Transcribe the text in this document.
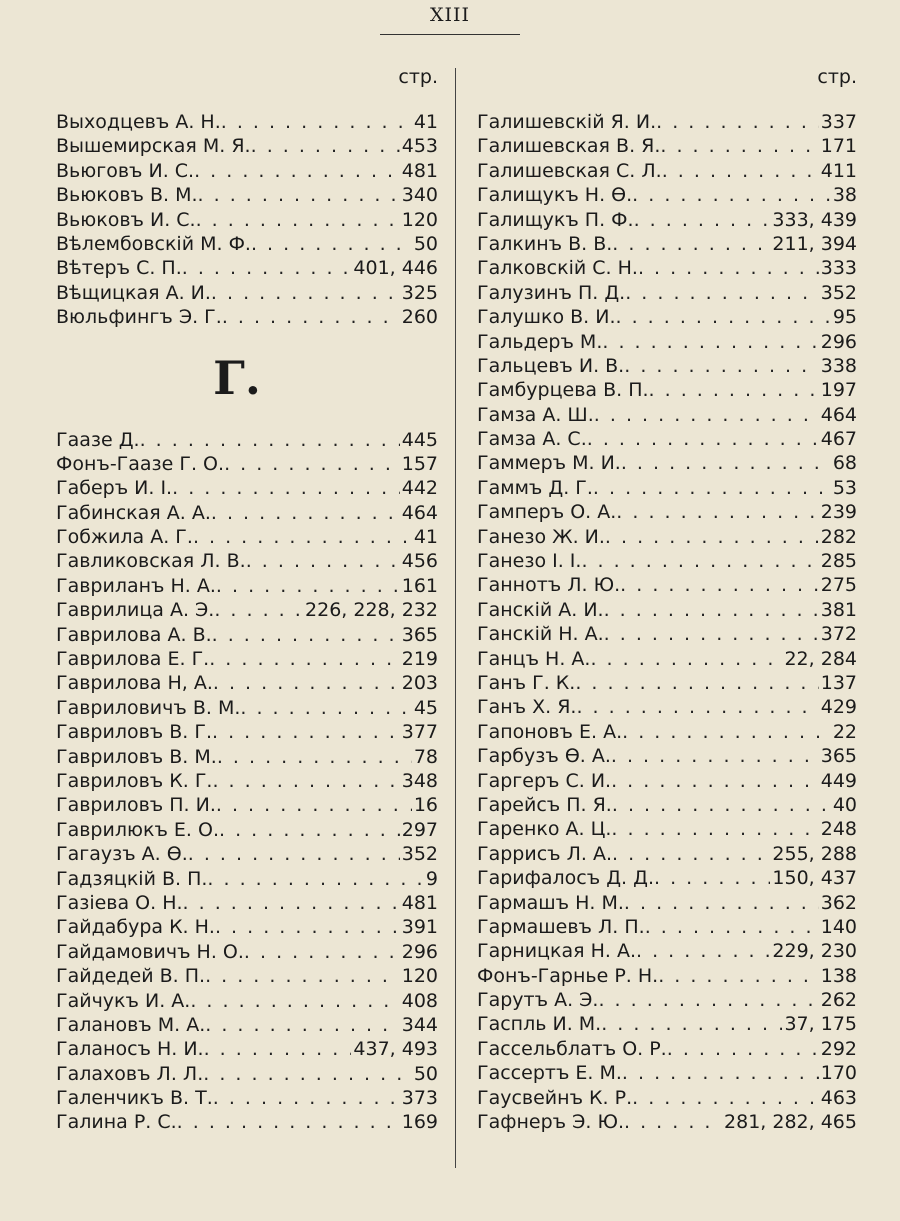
XIII
стр.
Выходцевъ А. Н. . . .	41
Вышемирская М. Я. . . .	453
Вьюговъ И. С. . . .	481
Вьюковъ В. М. . . .	340
Вьюковъ И. С. . . .	120
Вѣлембовскій М. Ф. . . .	50
Вѣтеръ С. П. . . .	401, 446
Вѣщицкая А. И. . . .	325
Вюльфингъ Э. Г. . . .	260
Г.
Гаазе Д. . . .	445
Фонъ-Гаазе Г. О. . . .	157
Габеръ И. I. . . .	442
Габинская А. А. . . .	464
Гобжила А. Г. . . .	41
Гавликовская Л. В. . . .	456
Гавриланъ Н. А. . . .	161
Гаврилица А. Э. . . .	226, 228, 232
Гаврилова А. В. . . .	365
Гаврилова Е. Г. . . .	219
Гаврилова Н, А. . . .	203
Гавриловичъ В. М. . . .	45
Гавриловъ В. Г. . . .	377
Гавриловъ В. М. . . .	78
Гавриловъ К. Г. . . .	348
Гавриловъ П. И. . . .	16
Гаврилюкъ Е. О. . . .	297
Гагаузъ А. Ө. . . .	352
Гадзяцкій В. П. . . .	9
Газіева О. Н. . . .	481
Гайдабура К. Н. . . .	391
Гайдамовичъ Н. О. . . .	296
Гайдедей В. П. . . .	120
Гайчукъ И. А. . . .	408
Галановъ М. А. . . .	344
Галаносъ Н. И. . . .	437, 493
Галаховъ Л. Л. . . .	50
Галенчикъ В. Т. . . .	373
Галина Р. С. . . .	169
стр.
Галишевскій Я. И. . . .	337
Галишевская В. Я. . . .	171
Галишевская С. Л. . . .	411
Галищукъ Н. Ө. . . .	38
Галищукъ П. Ф. . . .	333, 439
Галкинъ В. В. . . .	211, 394
Галковскій С. Н. . . .	333
Галузинъ П. Д. . . .	352
Галушко В. И. . . .	95
Гальдеръ М. . . .	296
Гальцевъ И. В. . . .	338
Гамбурцева В. П. . . .	197
Гамза А. Ш. . . .	464
Гамза А. С. . . .	467
Гаммеръ М. И. . . .	68
Гаммъ Д. Г. . . .	53
Гамперъ О. А. . . .	239
Ганезо Ж. И. . . .	282
Ганезо I. I. . . .	285
Ганнотъ Л. Ю. . . .	275
Ганскій А. И. . . .	381
Ганскій Н. А. . . .	372
Ганцъ Н. А. . . .	22, 284
Ганъ Г. К. . . .	137
Ганъ Х. Я. . . .	429
Гапоновъ Е. А. . . .	22
Гарбузъ Ө. А. . . .	365
Гаргеръ С. И. . . .	449
Гарейсъ П. Я. . . .	40
Гаренко А. Ц. . . .	248
Гаррисъ Л. А. . . .	255, 288
Гарифалосъ Д. Д. . . .	150, 437
Гармашъ Н. М. . . .	362
Гармашевъ Л. П. . . .	140
Гарницкая Н. А. . . .	229, 230
Фонъ-Гарнье Р. Н. . . .	138
Гарутъ А. Э. . . .	262
Гаспль И. М. . . .	37, 175
Гассельблатъ О. Р. . . .	292
Гассертъ Е. М. . . .	170
Гаусвейнъ К. Р. . . .	463
Гафнеръ Э. Ю. . . .	281, 282, 465
